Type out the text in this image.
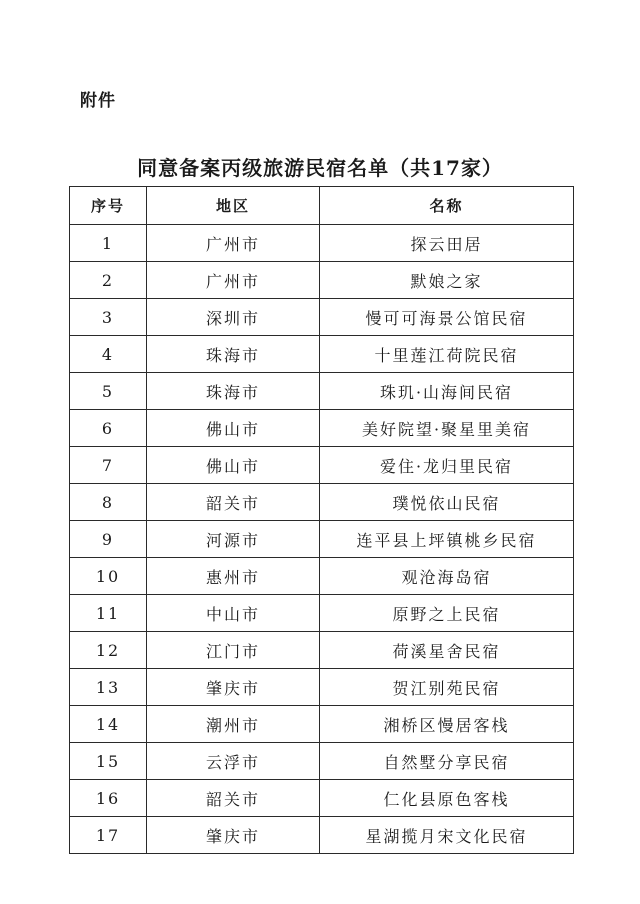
附件
同意备案丙级旅游民宿名单（共17家）
序号	地区	名称
1	广州市	探云田居
2	广州市	默娘之家
3	深圳市	慢可可海景公馆民宿
4	珠海市	十里莲江荷院民宿
5	珠海市	珠玑·山海间民宿
6	佛山市	美好院望·聚星里美宿
7	佛山市	爱住·龙归里民宿
8	韶关市	璞悦依山民宿
9	河源市	连平县上坪镇桃乡民宿
10	惠州市	观沧海岛宿
11	中山市	原野之上民宿
12	江门市	荷溪星舍民宿
13	肇庆市	贺江别苑民宿
14	潮州市	湘桥区慢居客栈
15	云浮市	自然墅分享民宿
16	韶关市	仁化县原色客栈
17	肇庆市	星湖揽月宋文化民宿
